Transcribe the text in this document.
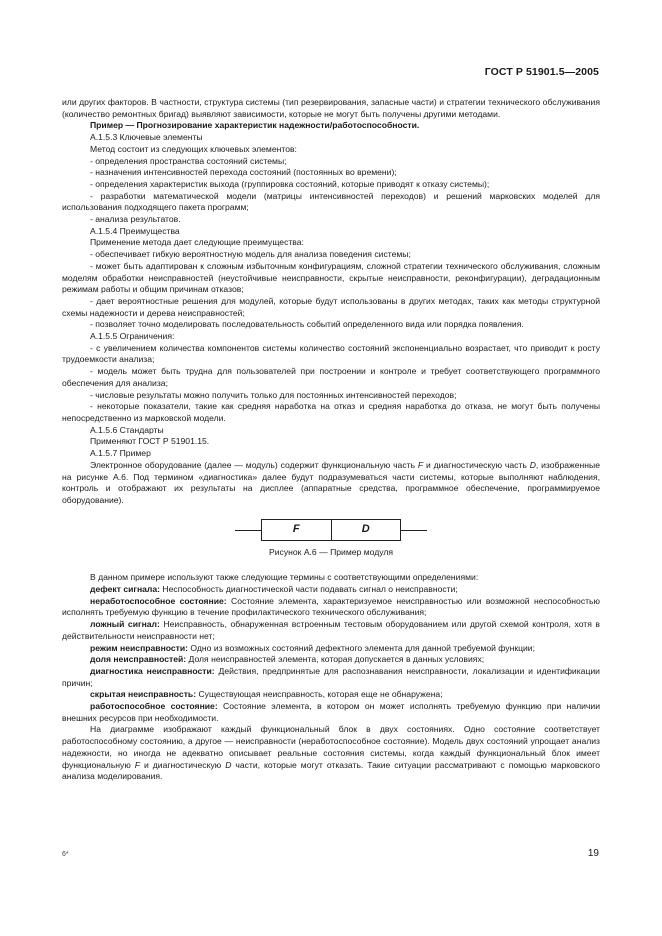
ГОСТ Р 51901.5—2005

или других факторов. В частности, структура системы (тип резервирования, запасные части) и стратегии технического обслуживания (количество ремонтных бригад) выявляют зависимости, которые не могут быть получены другими методами.

Пример — Прогнозирование характеристик надежности/работоспособности.

А.1.5.3 Ключевые элементы

Метод состоит из следующих ключевых элементов:

- определения пространства состояний системы;

- назначения интенсивностей перехода состояний (постоянных во времени);

- определения характеристик выхода (группировка состояний, которые приводят к отказу системы);

- разработки математической модели (матрицы интенсивностей переходов) и решений марковских моделей для использования подходящего пакета программ;

- анализа результатов.

А.1.5.4 Преимущества

Применение метода дает следующие преимущества:

- обеспечивает гибкую вероятностную модель для анализа поведения системы;

- может быть адаптирован к сложным избыточным конфигурациям, сложной стратегии технического обслуживания, сложным моделям обработки неисправностей (неустойчивые неисправности, скрытые неисправности, реконфигурации), деградационным режимам работы и общим причинам отказов;

- дает вероятностные решения для модулей, которые будут использованы в других методах, таких как методы структурной схемы надежности и дерева неисправностей;

- позволяет точно моделировать последовательность событий определенного вида или порядка появления.

А.1.5.5 Ограничения:

- с увеличением количества компонентов системы количество состояний экспоненциально возрастает, что приводит к росту трудоемкости анализа;

- модель может быть трудна для пользователей при построении и контроле и требует соответствующего программного обеспечения для анализа;

- числовые результаты можно получить только для постоянных интенсивностей переходов;

- некоторые показатели, такие как средняя наработка на отказ и средняя наработка до отказа, не могут быть получены непосредственно из марковской модели.

А.1.5.6 Стандарты

Применяют ГОСТ Р 51901.15.

А.1.5.7 Пример

Электронное оборудование (далее — модуль) содержит функциональную часть F и диагностическую часть D, изображенные на рисунке А.6. Под термином «диагностика» далее будут подразумеваться части системы, которые выполняют наблюдения, контроль и отображают их результаты на дисплее (аппаратные средства, программное обеспечение, программируемое оборудование).

F	D
Рисунок А.6 — Пример модуля

В данном примере используют также следующие термины с соответствующими определениями:

дефект сигнала: Неспособность диагностической части подавать сигнал о неисправности;

неработоспособное состояние: Состояние элемента, характеризуемое неисправностью или возможной неспособностью исполнять требуемую функцию в течение профилактического технического обслуживания;

ложный сигнал: Неисправность, обнаруженная встроенным тестовым оборудованием или другой схемой контроля, хотя в действительности неисправности нет;

режим неисправности: Одно из возможных состояний дефектного элемента для данной требуемой функции;

доля неисправностей: Доля неисправностей элемента, которая допускается в данных условиях;

диагностика неисправности: Действия, предпринятые для распознавания неисправности, локализации и идентификации причин;

скрытая неисправность: Существующая неисправность, которая еще не обнаружена;

работоспособное состояние: Состояние элемента, в котором он может исполнять требуемую функцию при наличии внешних ресурсов при необходимости.

На диаграмме изображают каждый функциональный блок в двух состояниях. Одно состояние соответствует работоспособному состоянию, а другое — неисправности (неработоспособное состояние). Модель двух состояний упрощает анализ надежности, но иногда не адекватно описывает реальные состояния системы, когда каждый функциональный блок имеет функциональную F и диагностическую D части, которые могут отказать. Такие ситуации рассматривают с помощью марковского анализа моделирования.

6*	19
